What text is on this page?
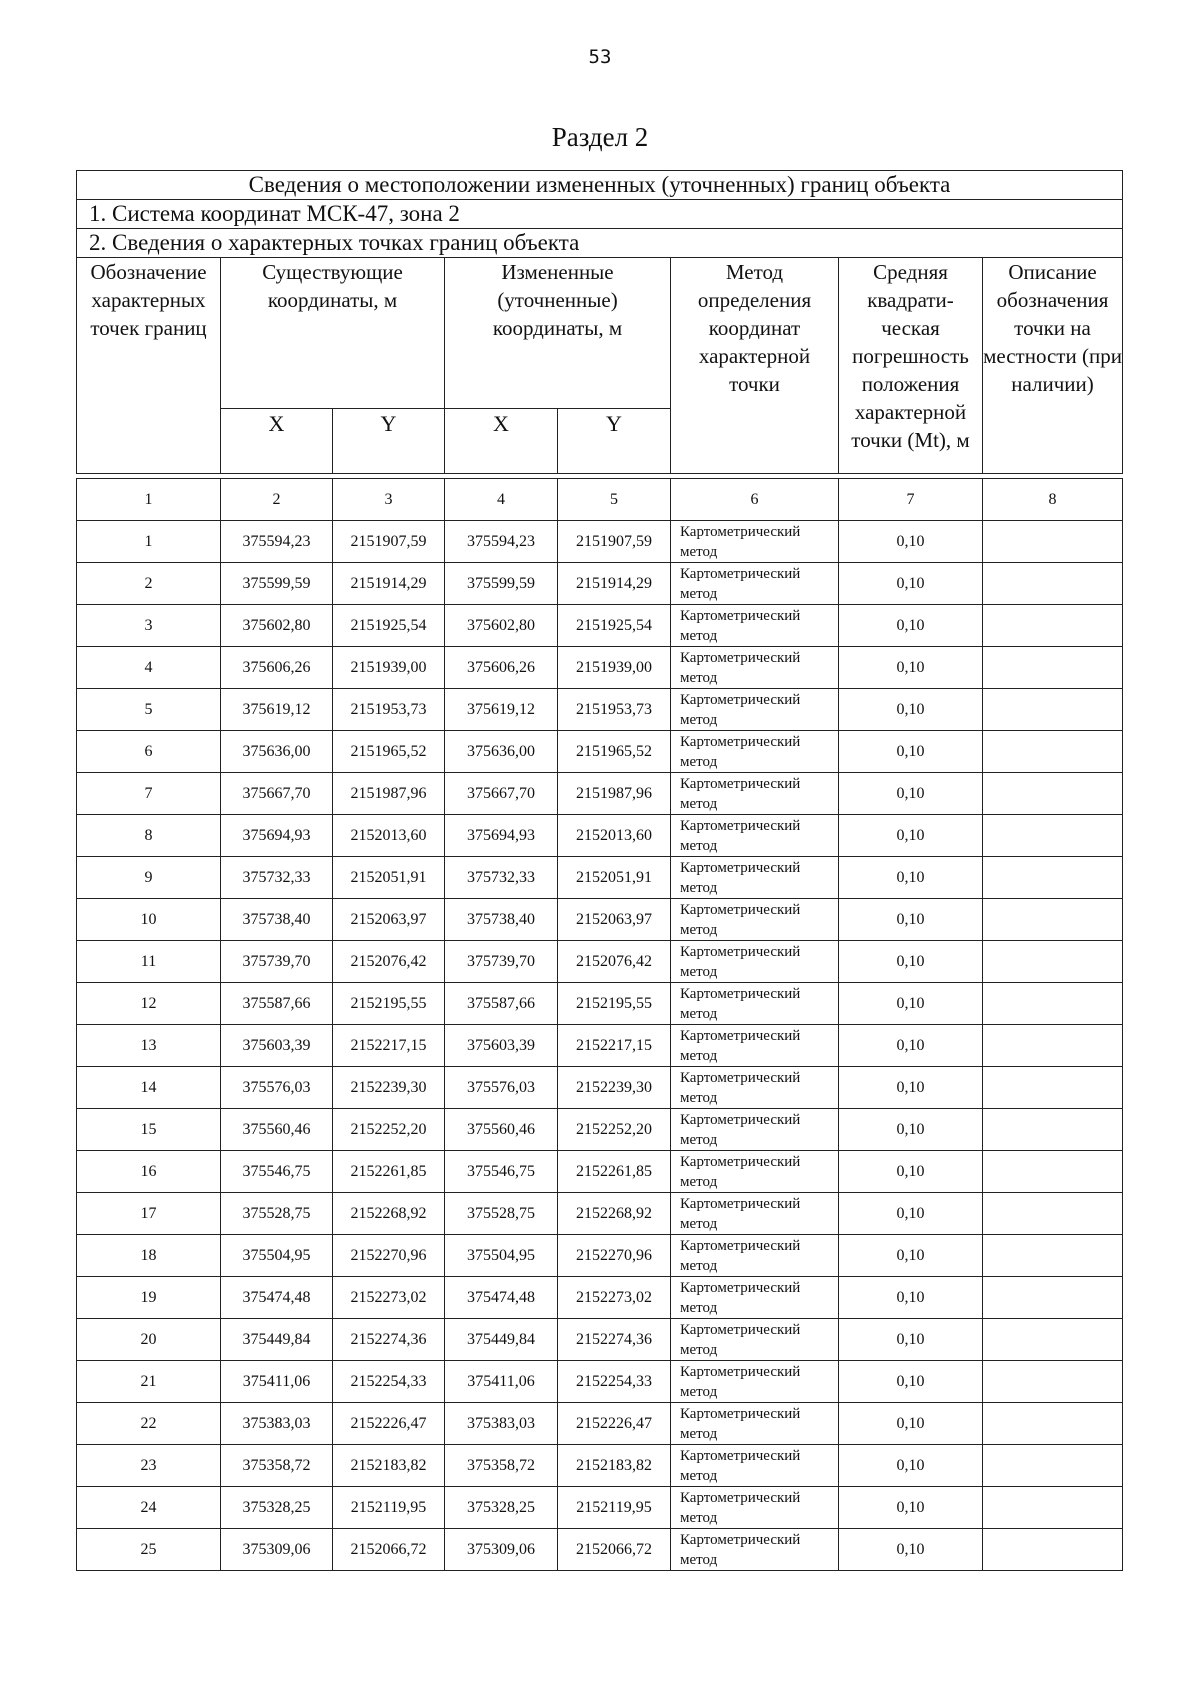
53
Раздел 2
Сведения о местоположении измененных (уточненных) границ объекта							
1. Система координат МСК-47, зона 2							
2. Сведения о характерных точках границ объекта							
Обозначение характерных точек границ	Существующие координаты, м		Измененные (уточненные) координаты, м		Метод определения координат характерной точки	Средняя квадрати-ческая погрешность положения характерной точки (Mt), м	Описание обозначения точки на местности (при наличии)
	X	Y	X	Y			
1	2	3	4	5	6	7	8
1	375594,23	2151907,59	375594,23	2151907,59	Картометрический метод	0,10	
2	375599,59	2151914,29	375599,59	2151914,29	Картометрический метод	0,10	
3	375602,80	2151925,54	375602,80	2151925,54	Картометрический метод	0,10	
4	375606,26	2151939,00	375606,26	2151939,00	Картометрический метод	0,10	
5	375619,12	2151953,73	375619,12	2151953,73	Картометрический метод	0,10	
6	375636,00	2151965,52	375636,00	2151965,52	Картометрический метод	0,10	
7	375667,70	2151987,96	375667,70	2151987,96	Картометрический метод	0,10	
8	375694,93	2152013,60	375694,93	2152013,60	Картометрический метод	0,10	
9	375732,33	2152051,91	375732,33	2152051,91	Картометрический метод	0,10	
10	375738,40	2152063,97	375738,40	2152063,97	Картометрический метод	0,10	
11	375739,70	2152076,42	375739,70	2152076,42	Картометрический метод	0,10	
12	375587,66	2152195,55	375587,66	2152195,55	Картометрический метод	0,10	
13	375603,39	2152217,15	375603,39	2152217,15	Картометрический метод	0,10	
14	375576,03	2152239,30	375576,03	2152239,30	Картометрический метод	0,10	
15	375560,46	2152252,20	375560,46	2152252,20	Картометрический метод	0,10	
16	375546,75	2152261,85	375546,75	2152261,85	Картометрический метод	0,10	
17	375528,75	2152268,92	375528,75	2152268,92	Картометрический метод	0,10	
18	375504,95	2152270,96	375504,95	2152270,96	Картометрический метод	0,10	
19	375474,48	2152273,02	375474,48	2152273,02	Картометрический метод	0,10	
20	375449,84	2152274,36	375449,84	2152274,36	Картометрический метод	0,10	
21	375411,06	2152254,33	375411,06	2152254,33	Картометрический метод	0,10	
22	375383,03	2152226,47	375383,03	2152226,47	Картометрический метод	0,10	
23	375358,72	2152183,82	375358,72	2152183,82	Картометрический метод	0,10	
24	375328,25	2152119,95	375328,25	2152119,95	Картометрический метод	0,10	
25	375309,06	2152066,72	375309,06	2152066,72	Картометрический метод	0,10	
